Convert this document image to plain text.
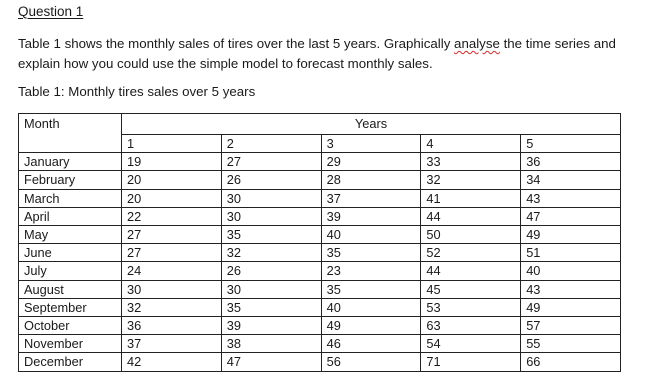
Question 1
Table 1 shows the monthly sales of tires over the last 5 years. Graphically analyse the time series and explain how you could use the simple model to forecast monthly sales.
Table 1: Monthly tires sales over 5 years
Month	Years				
	1	2	3	4	5
January	19	27	29	33	36
February	20	26	28	32	34
March	20	30	37	41	43
April	22	30	39	44	47
May	27	35	40	50	49
June	27	32	35	52	51
July	24	26	23	44	40
August	30	30	35	45	43
September	32	35	40	53	49
October	36	39	49	63	57
November	37	38	46	54	55
December	42	47	56	71	66
